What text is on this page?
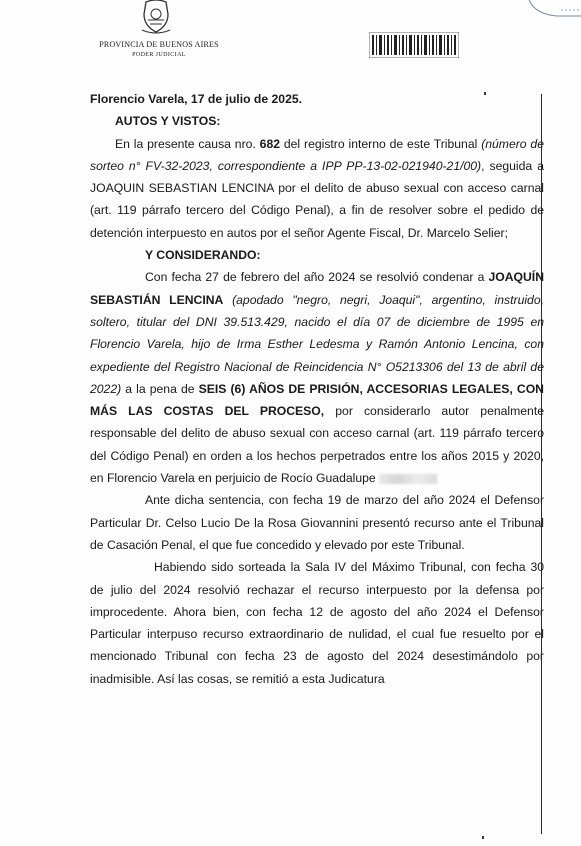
PROVINCIA DE BUENOS AIRES
PODER JUDICIAL

Florencio Varela, 17 de julio de 2025.

AUTOS Y VISTOS:

En la presente causa nro. 682 del registro interno de este Tribunal (número de sorteo n° FV-32-2023, correspondiente a IPP PP-13-02-021940-21/00), seguida a JOAQUIN SEBASTIAN LENCINA por el delito de abuso sexual con acceso carnal (art. 119 párrafo tercero del Código Penal), a fin de resolver sobre el pedido de detención interpuesto en autos por el señor Agente Fiscal, Dr. Marcelo Selier;

Y CONSIDERANDO:

Con fecha 27 de febrero del año 2024 se resolvió condenar a JOAQUÍN SEBASTIÁN LENCINA (apodado "negro, negri, Joaqui", argentino, instruido, soltero, titular del DNI 39.513.429, nacido el día 07 de diciembre de 1995 en Florencio Varela, hijo de Irma Esther Ledesma y Ramón Antonio Lencina, con expediente del Registro Nacional de Reincidencia N° O5213306 del 13 de abril de 2022) a la pena de SEIS (6) AÑOS DE PRISIÓN, ACCESORIAS LEGALES, CON MÁS LAS COSTAS DEL PROCESO, por considerarlo autor penalmente responsable del delito de abuso sexual con acceso carnal (art. 119 párrafo tercero del Código Penal) en orden a los hechos perpetrados entre los años 2015 y 2020, en Florencio Varela en perjuicio de Rocío Guadalupe

Ante dicha sentencia, con fecha 19 de marzo del año 2024 el Defensor Particular Dr. Celso Lucio De la Rosa Giovannini presentó recurso ante el Tribunal de Casación Penal, el que fue concedido y elevado por este Tribunal.

Habiendo sido sorteada la Sala IV del Máximo Tribunal, con fecha 30 de julio del 2024 resolvió rechazar el recurso interpuesto por la defensa por improcedente. Ahora bien, con fecha 12 de agosto del año 2024 el Defensor Particular interpuso recurso extraordinario de nulidad, el cual fue resuelto por el mencionado Tribunal con fecha 23 de agosto del 2024 desestimándolo por inadmisible. Así las cosas, se remitió a esta Judicatura
